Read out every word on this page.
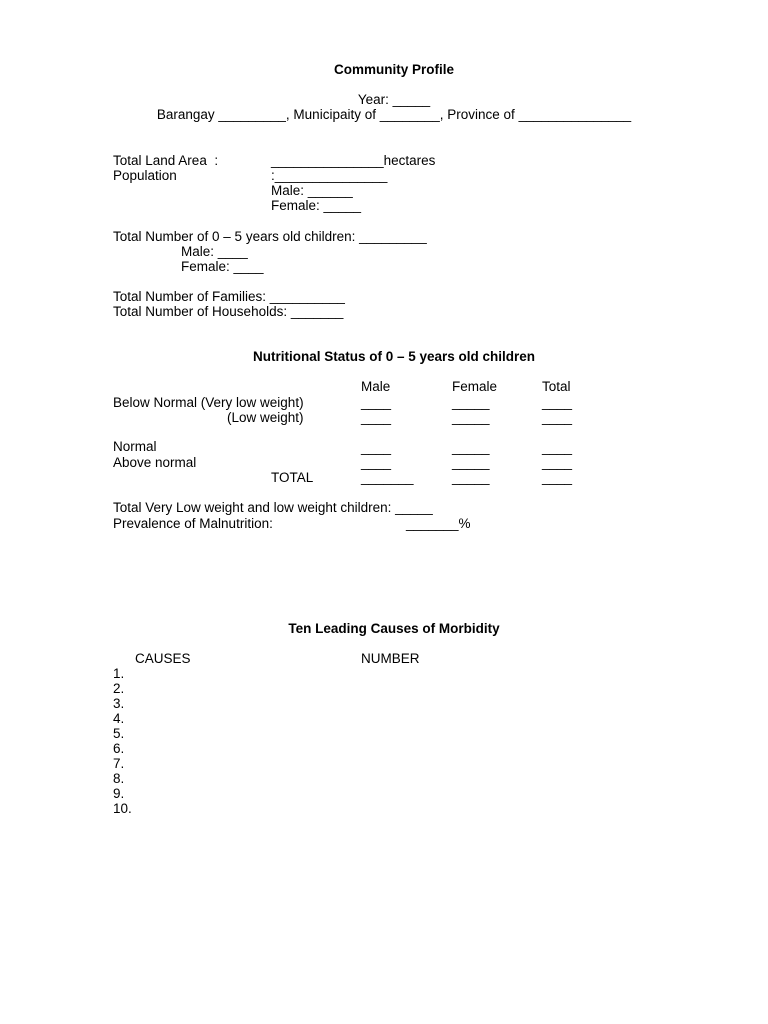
Community Profile
Year: _____
Barangay _________, Municipaity of ________, Province of _______________
Total Land Area  :	_______________hectares
Population	:_______________
Male: ______
Female: _____
Total Number of 0 – 5 years old children: _________
Male: ____
Female: ____
Total Number of Families: __________
Total Number of Households: _______
Nutritional Status of 0 – 5 years old children
Male	Female	Total
Below Normal (Very low weight)	____	_____	____
(Low weight)	____	_____	____
Normal	____	_____	____
Above normal	____	_____	____
TOTAL	_______	_____	____
Total Very Low weight and low weight children: _____
Prevalence of Malnutrition:	_______%
Ten Leading Causes of Morbidity
CAUSES	NUMBER
1.
2.
3.
4.
5.
6.
7.
8.
9.
10.
